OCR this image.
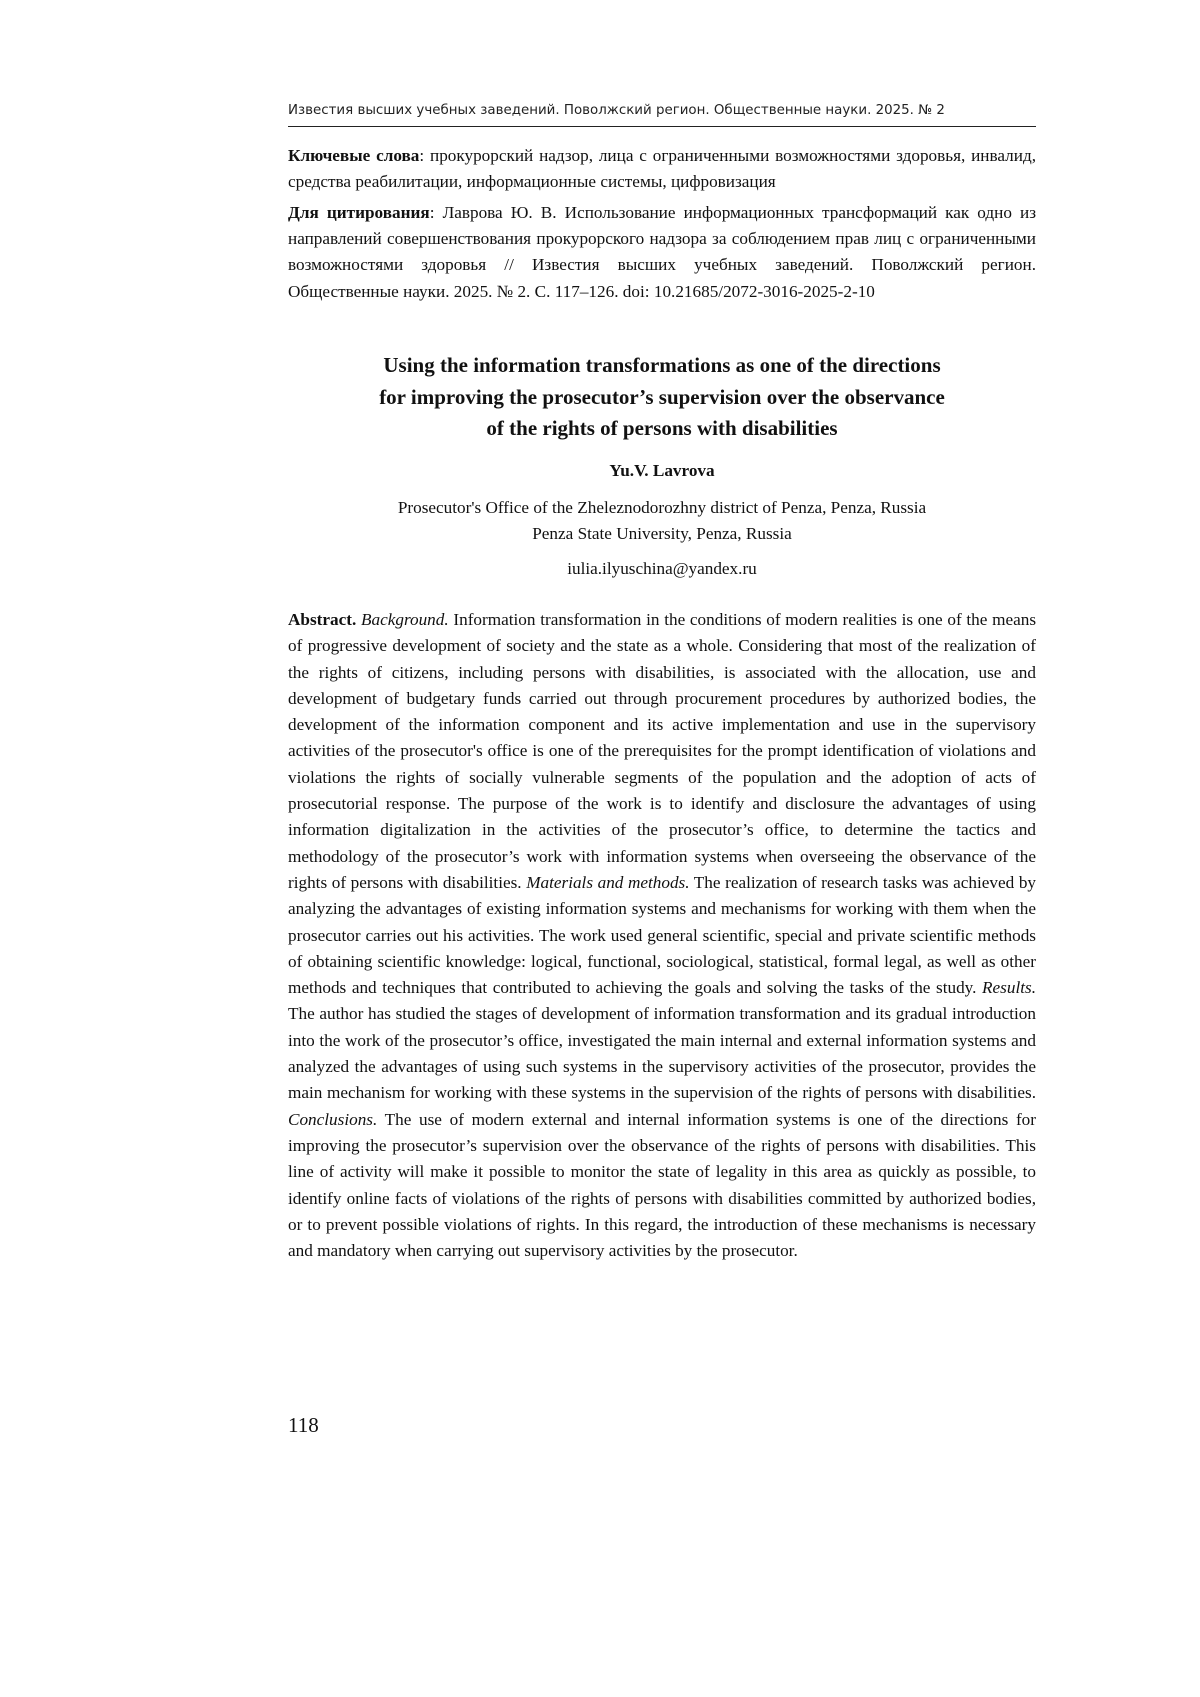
Известия высших учебных заведений. Поволжский регион. Общественные науки. 2025. № 2

Ключевые слова: прокурорский надзор, лица с ограниченными возможностями здоровья, инвалид, средства реабилитации, информационные системы, цифровизация

Для цитирования: Лаврова Ю. В. Использование информационных трансформаций как одно из направлений совершенствования прокурорского надзора за соблюдением прав лиц с ограниченными возможностями здоровья // Известия высших учебных заведений. Поволжский регион. Общественные науки. 2025. № 2. С. 117–126. doi: 10.21685/2072-3016-2025-2-10

Using the information transformations as one of the directions
for improving the prosecutor’s supervision over the observance
of the rights of persons with disabilities
Yu.V. Lavrova
Prosecutor's Office of the Zheleznodorozhny district of Penza, Penza, Russia
Penza State University, Penza, Russia
iulia.ilyuschina@yandex.ru

Abstract. Background. Information transformation in the conditions of modern realities is one of the means of progressive development of society and the state as a whole. Considering that most of the realization of the rights of citizens, including persons with disabilities, is associated with the allocation, use and development of budgetary funds carried out through procurement procedures by authorized bodies, the development of the information component and its active implementation and use in the supervisory activities of the prosecutor's office is one of the prerequisites for the prompt identification of violations and violations the rights of socially vulnerable segments of the population and the adoption of acts of prosecutorial response. The purpose of the work is to identify and disclosure the advantages of using information digitalization in the activities of the prosecutor’s office, to determine the tactics and methodology of the prosecutor’s work with information systems when overseeing the observance of the rights of persons with disabilities. Materials and methods. The realization of research tasks was achieved by analyzing the advantages of existing information systems and mechanisms for working with them when the prosecutor carries out his activities. The work used general scientific, special and private scientific methods of obtaining scientific knowledge: logical, functional, sociological, statistical, formal legal, as well as other methods and techniques that contributed to achieving the goals and solving the tasks of the study. Results. The author has studied the stages of development of information transformation and its gradual introduction into the work of the prosecutor’s office, investigated the main internal and external information systems and analyzed the advantages of using such systems in the supervisory activities of the prosecutor, provides the main mechanism for working with these systems in the supervision of the rights of persons with disabilities. Conclusions. The use of modern external and internal information systems is one of the directions for improving the prosecutor’s supervision over the observance of the rights of persons with disabilities. This line of activity will make it possible to monitor the state of legality in this area as quickly as possible, to identify online facts of violations of the rights of persons with disabilities committed by authorized bodies, or to prevent possible violations of rights. In this regard, the introduction of these mechanisms is necessary and mandatory when carrying out supervisory activities by the prosecutor.

118
